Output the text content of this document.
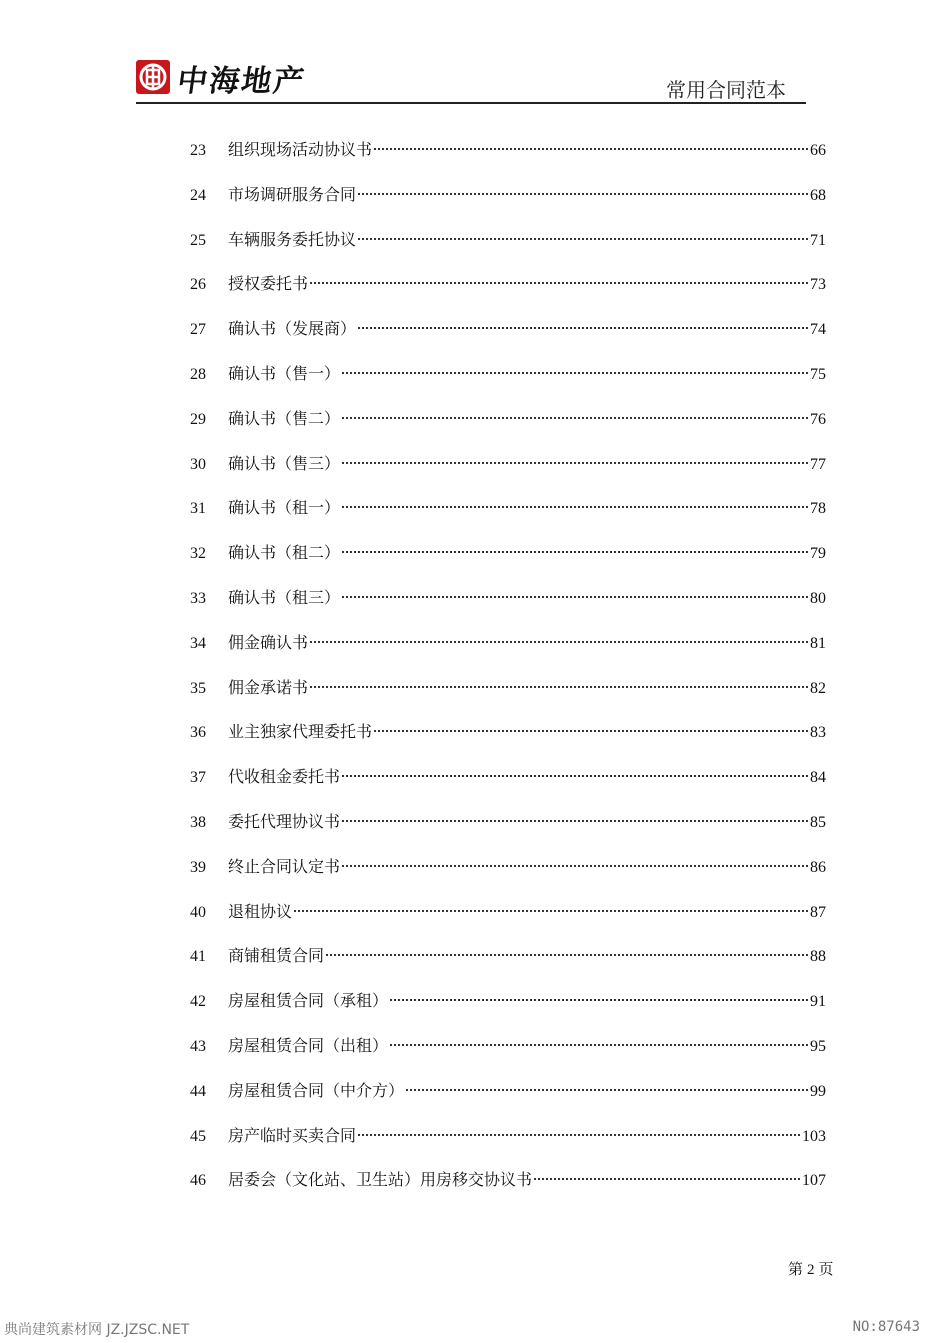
中海地产	常用合同范本
23	组织现场活动协议书	66
24	市场调研服务合同	68
25	车辆服务委托协议	71
26	授权委托书	73
27	确认书（发展商）	74
28	确认书（售一）	75
29	确认书（售二）	76
30	确认书（售三）	77
31	确认书（租一）	78
32	确认书（租二）	79
33	确认书（租三）	80
34	佣金确认书	81
35	佣金承诺书	82
36	业主独家代理委托书	83
37	代收租金委托书	84
38	委托代理协议书	85
39	终止合同认定书	86
40	退租协议	87
41	商铺租赁合同	88
42	房屋租赁合同（承租）	91
43	房屋租赁合同（出租）	95
44	房屋租赁合同（中介方）	99
45	房产临时买卖合同	103
46	居委会（文化站、卫生站）用房移交协议书	107
第 2 页
典尚建筑素材网 JZ.JZSC.NET	NO:87643
